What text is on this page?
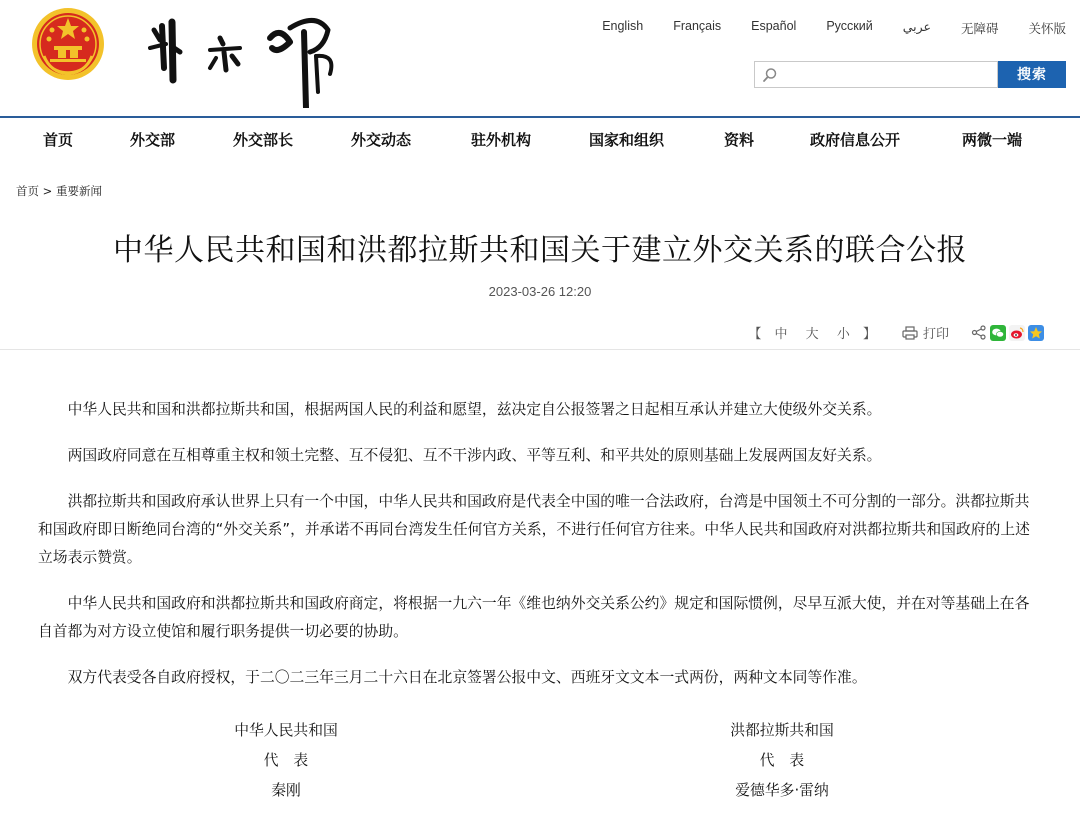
English Français Español Русский عربي 无障碍 关怀版
搜索
首页	外交部	外交部长	外交动态	驻外机构	国家和组织	资料	政府信息公开	两微一端
首页 > 重要新闻
中华人民共和国和洪都拉斯共和国关于建立外交关系的联合公报
2023-03-26 12:20
【 中 大 小 】	打印

中华人民共和国和洪都拉斯共和国，根据两国人民的利益和愿望，兹决定自公报签署之日起相互承认并建立大使级外交关系。

两国政府同意在互相尊重主权和领土完整、互不侵犯、互不干涉内政、平等互利、和平共处的原则基础上发展两国友好关系。

洪都拉斯共和国政府承认世界上只有一个中国，中华人民共和国政府是代表全中国的唯一合法政府，台湾是中国领土不可分割的一部分。洪都拉斯共和国政府即日断绝同台湾的“外交关系”，并承诺不再同台湾发生任何官方关系，不进行任何官方往来。中华人民共和国政府对洪都拉斯共和国政府的上述立场表示赞赏。

中华人民共和国政府和洪都拉斯共和国政府商定，将根据一九六一年《维也纳外交关系公约》规定和国际惯例，尽早互派大使，并在对等基础上在各自首都为对方设立使馆和履行职务提供一切必要的协助。

双方代表受各自政府授权，于二〇二三年三月二十六日在北京签署公报中文、西班牙文文本一式两份，两种文本同等作准。

中华人民共和国
代　表
秦刚
洪都拉斯共和国
代　表
爱德华多·雷纳
